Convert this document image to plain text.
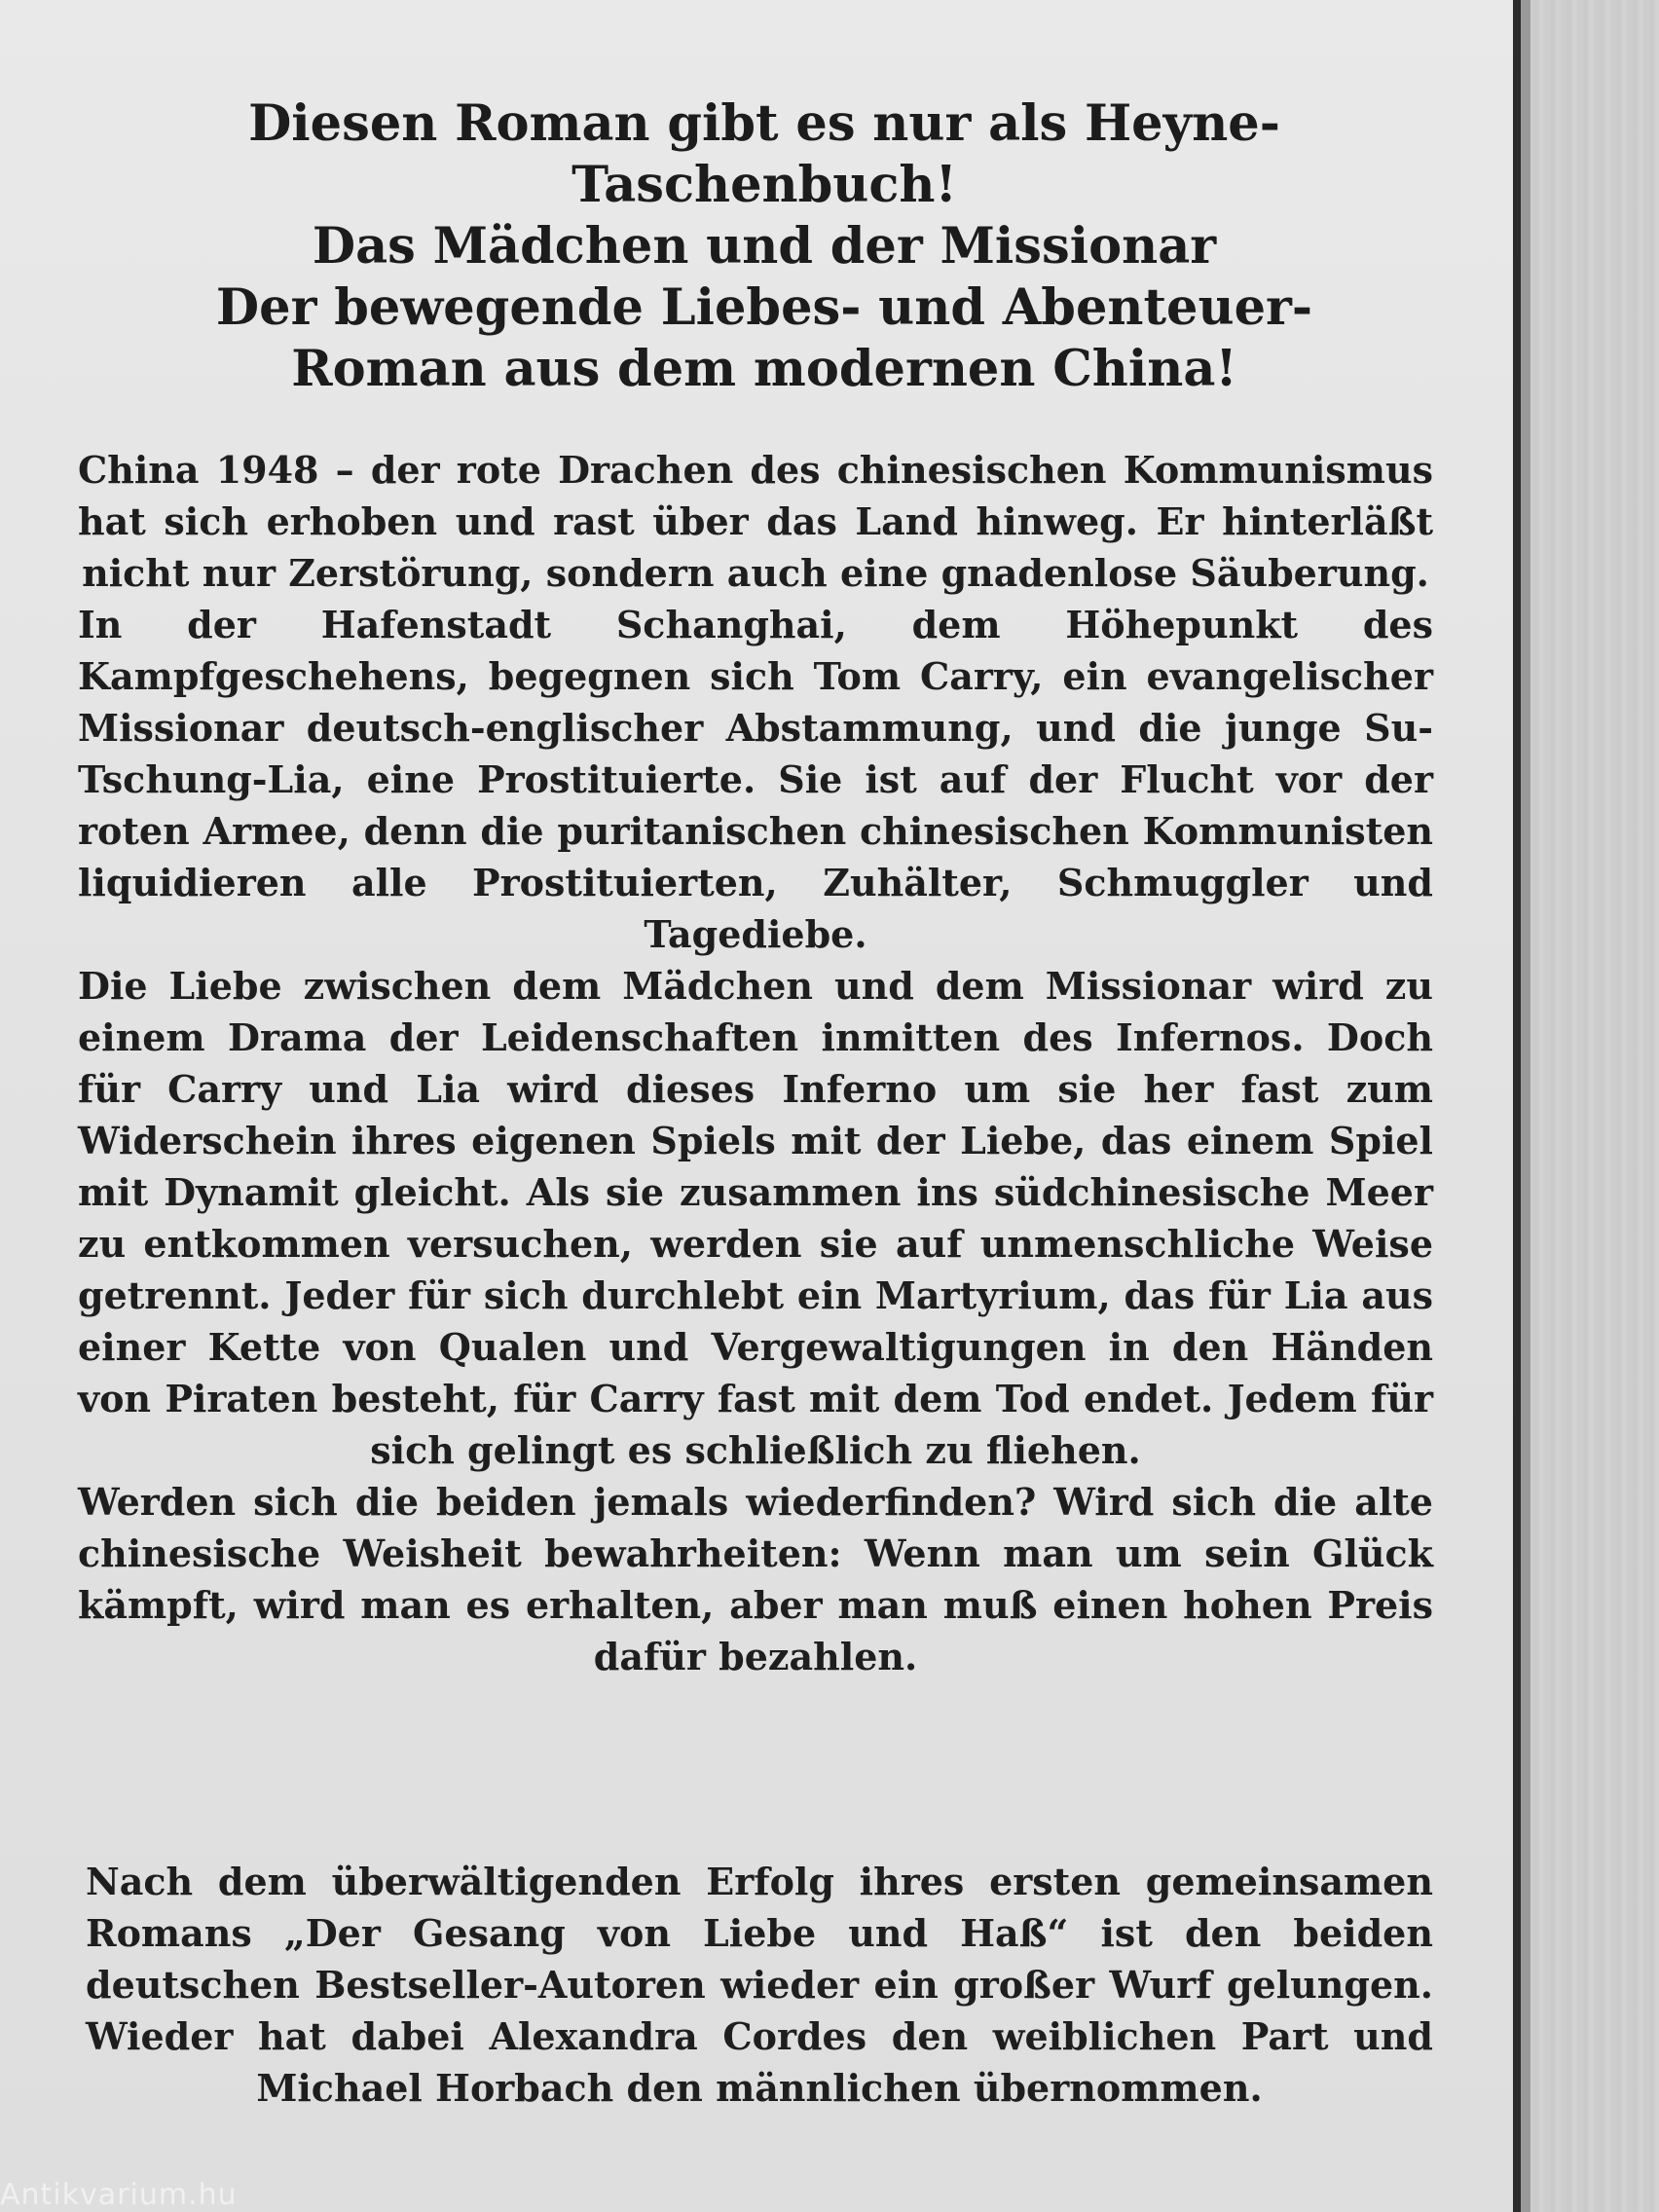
Diesen Roman gibt es nur als Heyne-
Taschenbuch!
Das Mädchen und der Missionar
Der bewegende Liebes- und Abenteuer-
Roman aus dem modernen China!

China 1948 – der rote Drachen des chinesischen Kommunismus hat sich erhoben und rast über das Land hinweg. Er hinterläßt nicht nur Zerstörung, sondern auch eine gnadenlose Säuberung.

In der Hafenstadt Schanghai, dem Höhepunkt des Kampfgeschehens, begegnen sich Tom Carry, ein evangelischer Missionar deutsch-englischer Abstammung, und die junge Su-Tschung-Lia, eine Prostituierte. Sie ist auf der Flucht vor der roten Armee, denn die puritanischen chinesischen Kommunisten liquidieren alle Prostituierten, Zuhälter, Schmuggler und Tagediebe.

Die Liebe zwischen dem Mädchen und dem Missionar wird zu einem Drama der Leidenschaften inmitten des Infernos. Doch für Carry und Lia wird dieses Inferno um sie her fast zum Widerschein ihres eigenen Spiels mit der Liebe, das einem Spiel mit Dynamit gleicht. Als sie zusammen ins südchinesische Meer zu entkommen versuchen, werden sie auf unmenschliche Weise getrennt. Jeder für sich durchlebt ein Martyrium, das für Lia aus einer Kette von Qualen und Vergewaltigungen in den Händen von Piraten besteht, für Carry fast mit dem Tod endet. Jedem für sich gelingt es schließlich zu fliehen.

Werden sich die beiden jemals wiederfinden? Wird sich die alte chinesische Weisheit bewahrheiten: Wenn man um sein Glück kämpft, wird man es erhalten, aber man muß einen hohen Preis dafür bezahlen.

Nach dem überwältigenden Erfolg ihres ersten gemeinsamen Romans „Der Gesang von Liebe und Haß“ ist den beiden deutschen Bestseller-Autoren wieder ein großer Wurf gelungen. Wieder hat dabei Alexandra Cordes den weiblichen Part und Michael Horbach den männlichen übernommen.

Antikvarium.hu
